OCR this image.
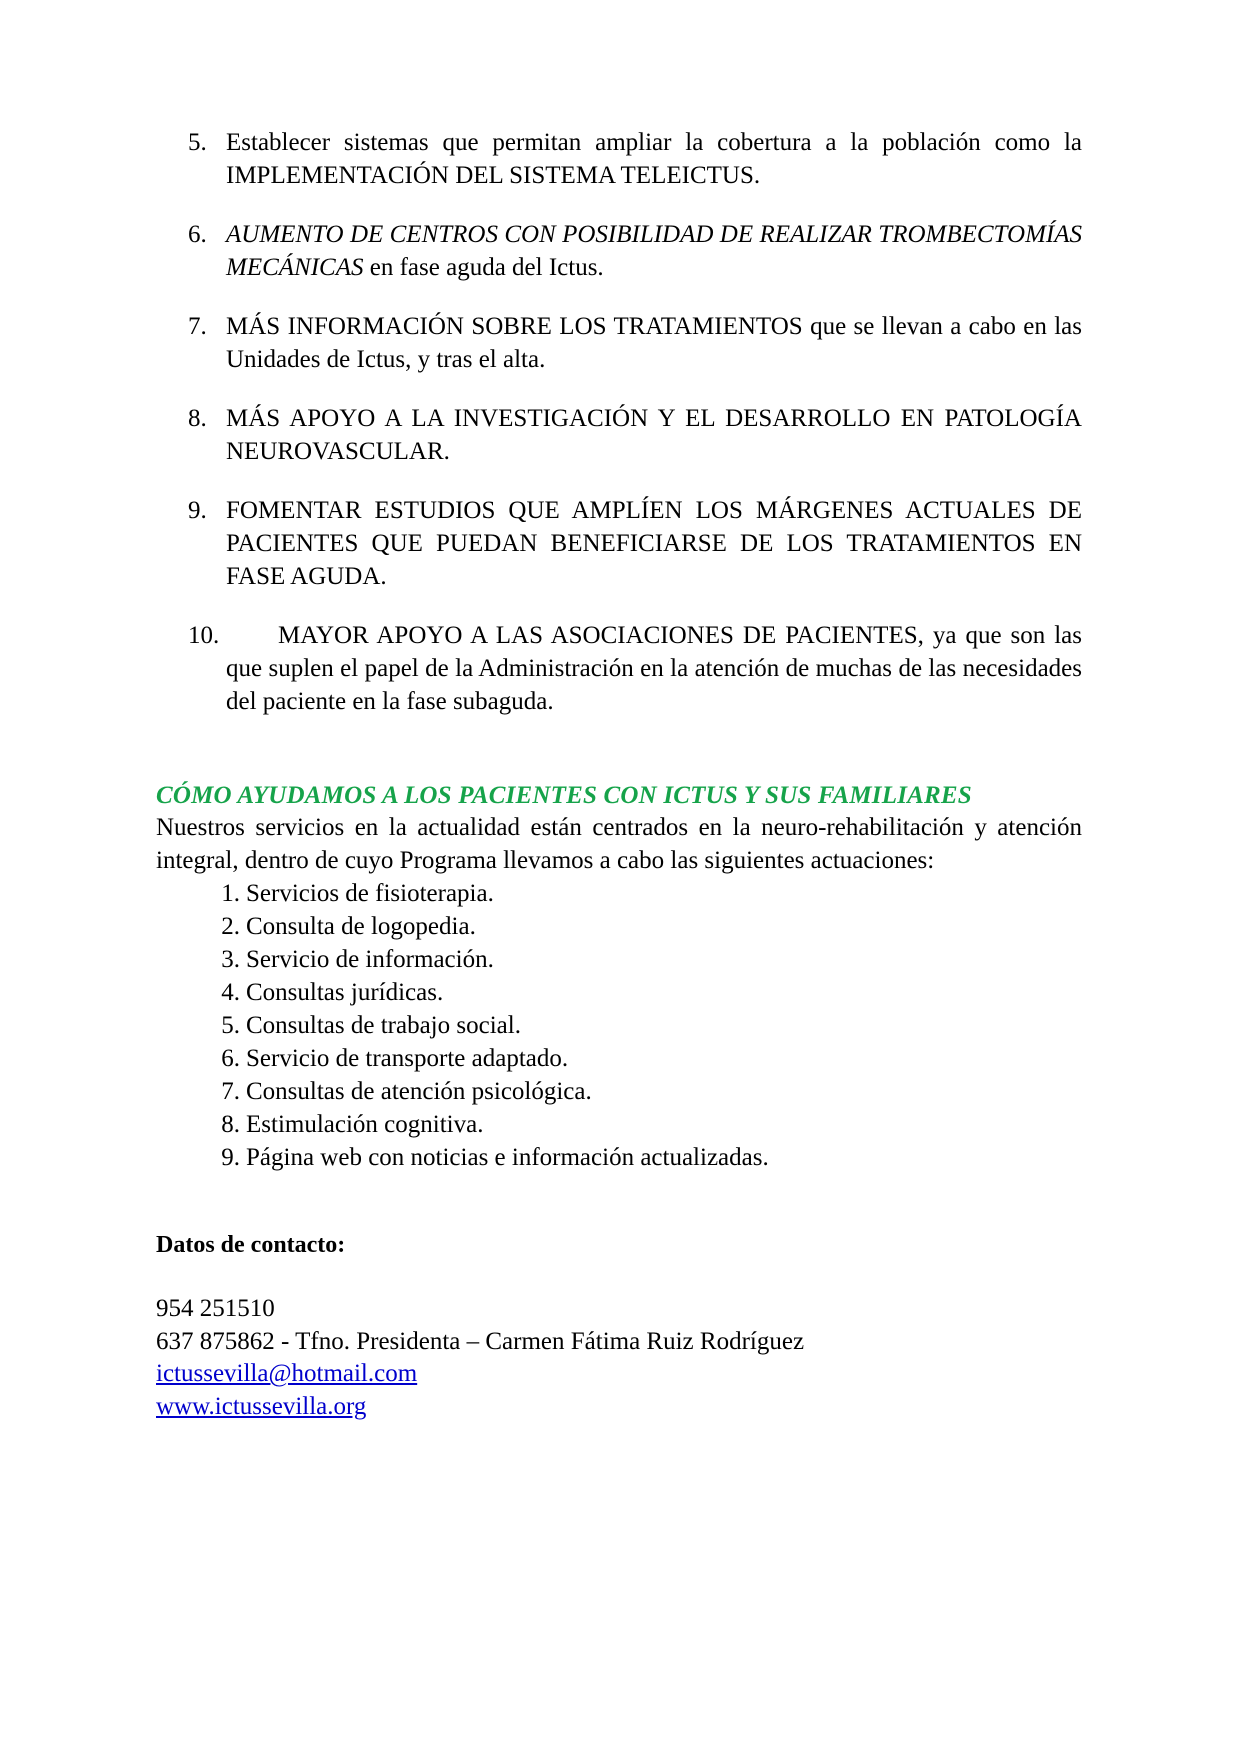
5. Establecer sistemas que permitan ampliar la cobertura a la población como la IMPLEMENTACIÓN DEL SISTEMA TELEICTUS.
6. AUMENTO DE CENTROS CON POSIBILIDAD DE REALIZAR TROMBECTOMÍAS MECÁNICAS en fase aguda del Ictus.
7. MÁS INFORMACIÓN SOBRE LOS TRATAMIENTOS que se llevan a cabo en las Unidades de Ictus, y tras el alta.
8. MÁS APOYO A LA INVESTIGACIÓN Y EL DESARROLLO EN PATOLOGÍA NEUROVASCULAR.
9. FOMENTAR ESTUDIOS QUE AMPLÍEN LOS MÁRGENES ACTUALES DE PACIENTES QUE PUEDAN BENEFICIARSE DE LOS TRATAMIENTOS EN FASE AGUDA.
10.	MAYOR APOYO A LAS ASOCIACIONES DE PACIENTES, ya que son las que suplen el papel de la Administración en la atención de muchas de las necesidades del paciente en la fase subaguda.
CÓMO AYUDAMOS A LOS PACIENTES CON ICTUS Y SUS FAMILIARES

Nuestros servicios en la actualidad están centrados en la neuro-rehabilitación y atención integral, dentro de cuyo Programa llevamos a cabo las siguientes actuaciones:

1. Servicios de fisioterapia.
2. Consulta de logopedia.
3. Servicio de información.
4. Consultas jurídicas.
5. Consultas de trabajo social.
6. Servicio de transporte adaptado.
7. Consultas de atención psicológica.
8. Estimulación cognitiva.
9. Página web con noticias e información actualizadas.
Datos de contacto:
954 251510
637 875862 - Tfno. Presidenta – Carmen Fátima Ruiz Rodríguez
ictussevilla@hotmail.com
www.ictussevilla.org
